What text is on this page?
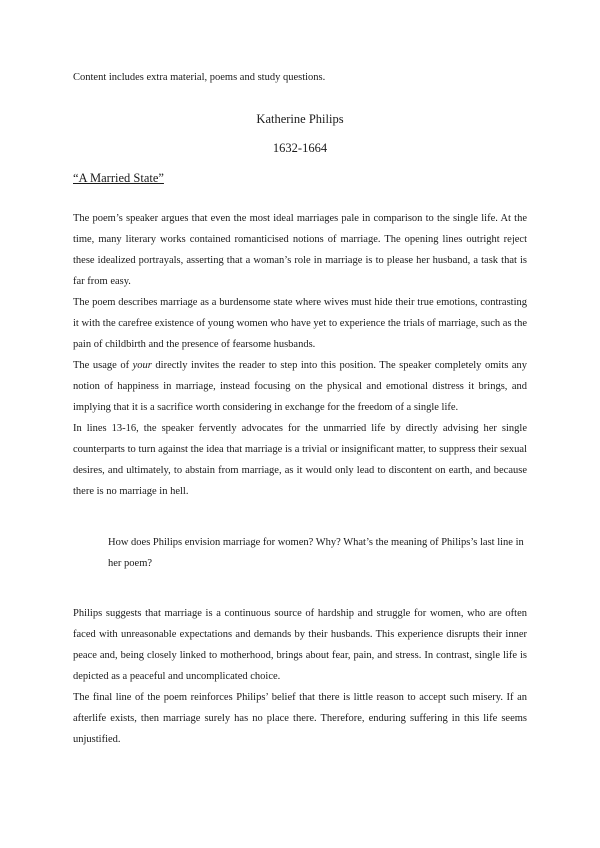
Content includes extra material, poems and study questions.
Katherine Philips
1632-1664
“A Married State”

The poem’s speaker argues that even the most ideal marriages pale in comparison to the single life. At the time, many literary works contained romanticised notions of marriage. The opening lines outright reject these idealized portrayals, asserting that a woman’s role in marriage is to please her husband, a task that is far from easy.

The poem describes marriage as a burdensome state where wives must hide their true emotions, contrasting it with the carefree existence of young women who have yet to experience the trials of marriage, such as the pain of childbirth and the presence of fearsome husbands.

The usage of your directly invites the reader to step into this position. The speaker completely omits any notion of happiness in marriage, instead focusing on the physical and emotional distress it brings, and implying that it is a sacrifice worth considering in exchange for the freedom of a single life.

In lines 13-16, the speaker fervently advocates for the unmarried life by directly advising her single counterparts to turn against the idea that marriage is a trivial or insignificant matter, to suppress their sexual desires, and ultimately, to abstain from marriage, as it would only lead to discontent on earth, and because there is no marriage in hell.

How does Philips envision marriage for women? Why? What’s the meaning of Philips’s last line in her poem?

Philips suggests that marriage is a continuous source of hardship and struggle for women, who are often faced with unreasonable expectations and demands by their husbands. This experience disrupts their inner peace and, being closely linked to motherhood, brings about fear, pain, and stress. In contrast, single life is depicted as a peaceful and uncomplicated choice.

The final line of the poem reinforces Philips’ belief that there is little reason to accept such misery. If an afterlife exists, then marriage surely has no place there. Therefore, enduring suffering in this life seems unjustified.
